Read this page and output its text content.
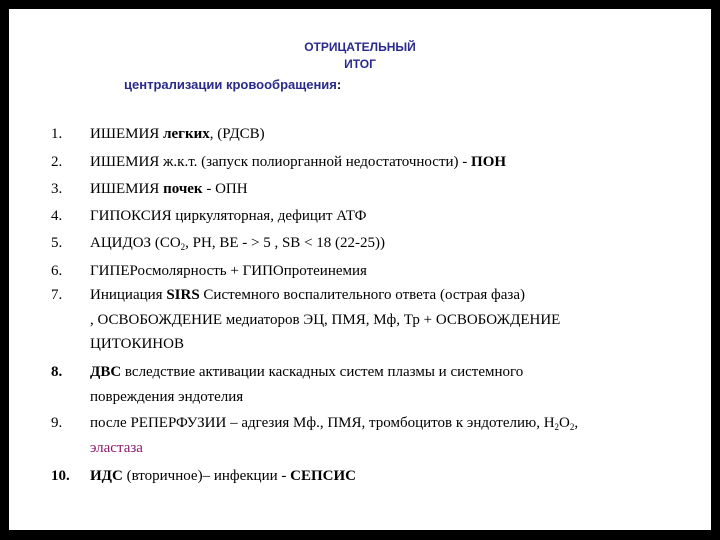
ОТРИЦАТЕЛЬНЫЙ
ИТОГ
централизации кровообращения:
1. ИШЕМИЯ легких, (РДСВ)
2. ИШЕМИЯ ж.к.т. (запуск полиорганной недостаточности) - ПОН
3. ИШЕМИЯ почек - ОПН
4. ГИПОКСИЯ циркуляторная, дефицит АТФ
5. АЦИДОЗ ($СО_2$, РН, ВЕ - > 5 , SВ < 18 (22-25))
6. ГИПЕРосмолярность + ГИПОпротеинемия
7. Инициация SIRS Системного воспалительного ответа (острая фаза)
, ОСВОБОЖДЕНИЕ медиаторов ЭЦ, ПМЯ, Мф, Тр + ОСВОБОЖДЕНИЕ
ЦИТОКИНОВ
8. ДВС вследствие активации каскадных систем плазмы и системного
повреждения эндотелия
9. после РЕПЕРФУЗИИ – адгезия Мф., ПМЯ, тромбоцитов к эндотелию, $Н_2О_2$,
эластаза
10. ИДС (вторичное)– инфекции - СЕПСИС
